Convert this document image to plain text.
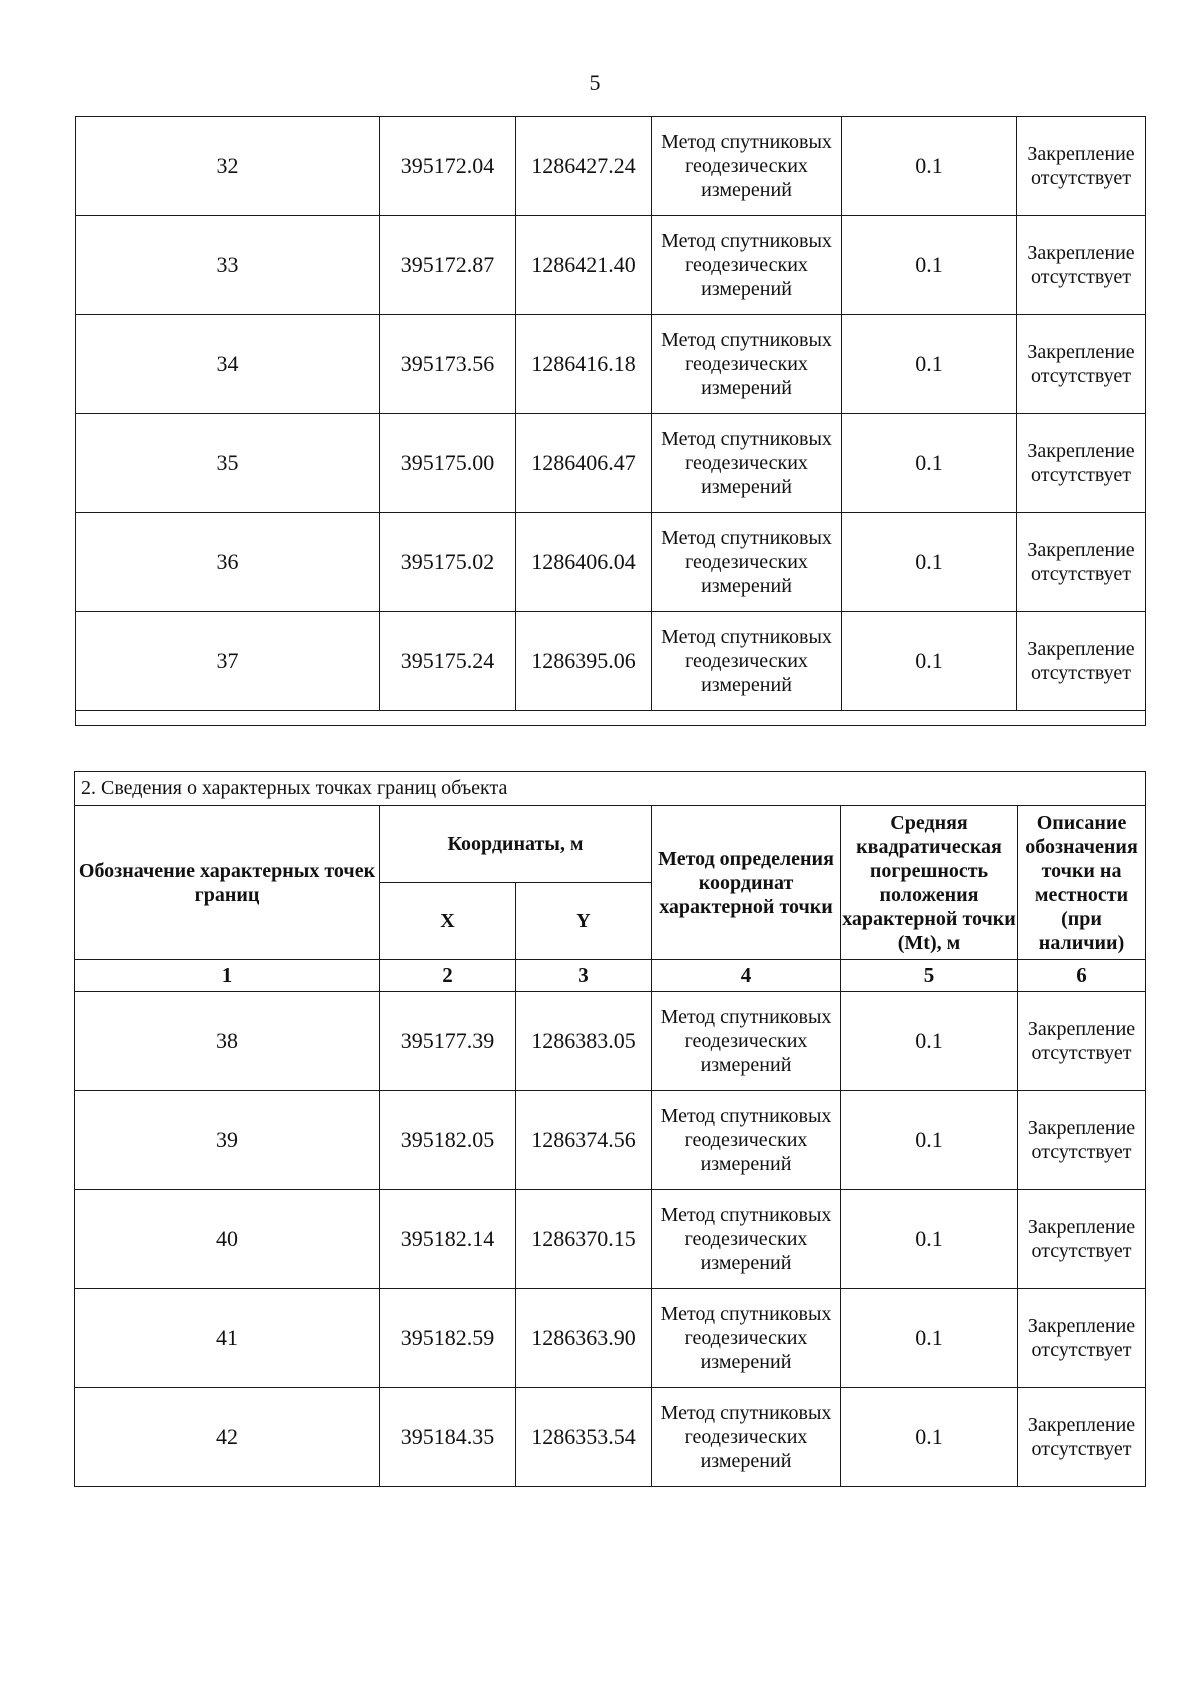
5
32	395172.04	1286427.24	Метод спутниковых геодезических измерений	0.1	Закрепление отсутствует
33	395172.87	1286421.40	Метод спутниковых геодезических измерений	0.1	Закрепление отсутствует
34	395173.56	1286416.18	Метод спутниковых геодезических измерений	0.1	Закрепление отсутствует
35	395175.00	1286406.47	Метод спутниковых геодезических измерений	0.1	Закрепление отсутствует
36	395175.02	1286406.04	Метод спутниковых геодезических измерений	0.1	Закрепление отсутствует
37	395175.24	1286395.06	Метод спутниковых геодезических измерений	0.1	Закрепление отсутствует

2. Сведения о характерных точках границ объекта					
Обозначение характерных точек границ	Координаты, м		Метод определения координат характерной точки	Средняя квадратическая погрешность положения характерной точки (Mt), м	Описание обозначения точки на местности (при наличии)
	X	Y			
1	2	3	4	5	6
38	395177.39	1286383.05	Метод спутниковых геодезических измерений	0.1	Закрепление отсутствует
39	395182.05	1286374.56	Метод спутниковых геодезических измерений	0.1	Закрепление отсутствует
40	395182.14	1286370.15	Метод спутниковых геодезических измерений	0.1	Закрепление отсутствует
41	395182.59	1286363.90	Метод спутниковых геодезических измерений	0.1	Закрепление отсутствует
42	395184.35	1286353.54	Метод спутниковых геодезических измерений	0.1	Закрепление отсутствует
